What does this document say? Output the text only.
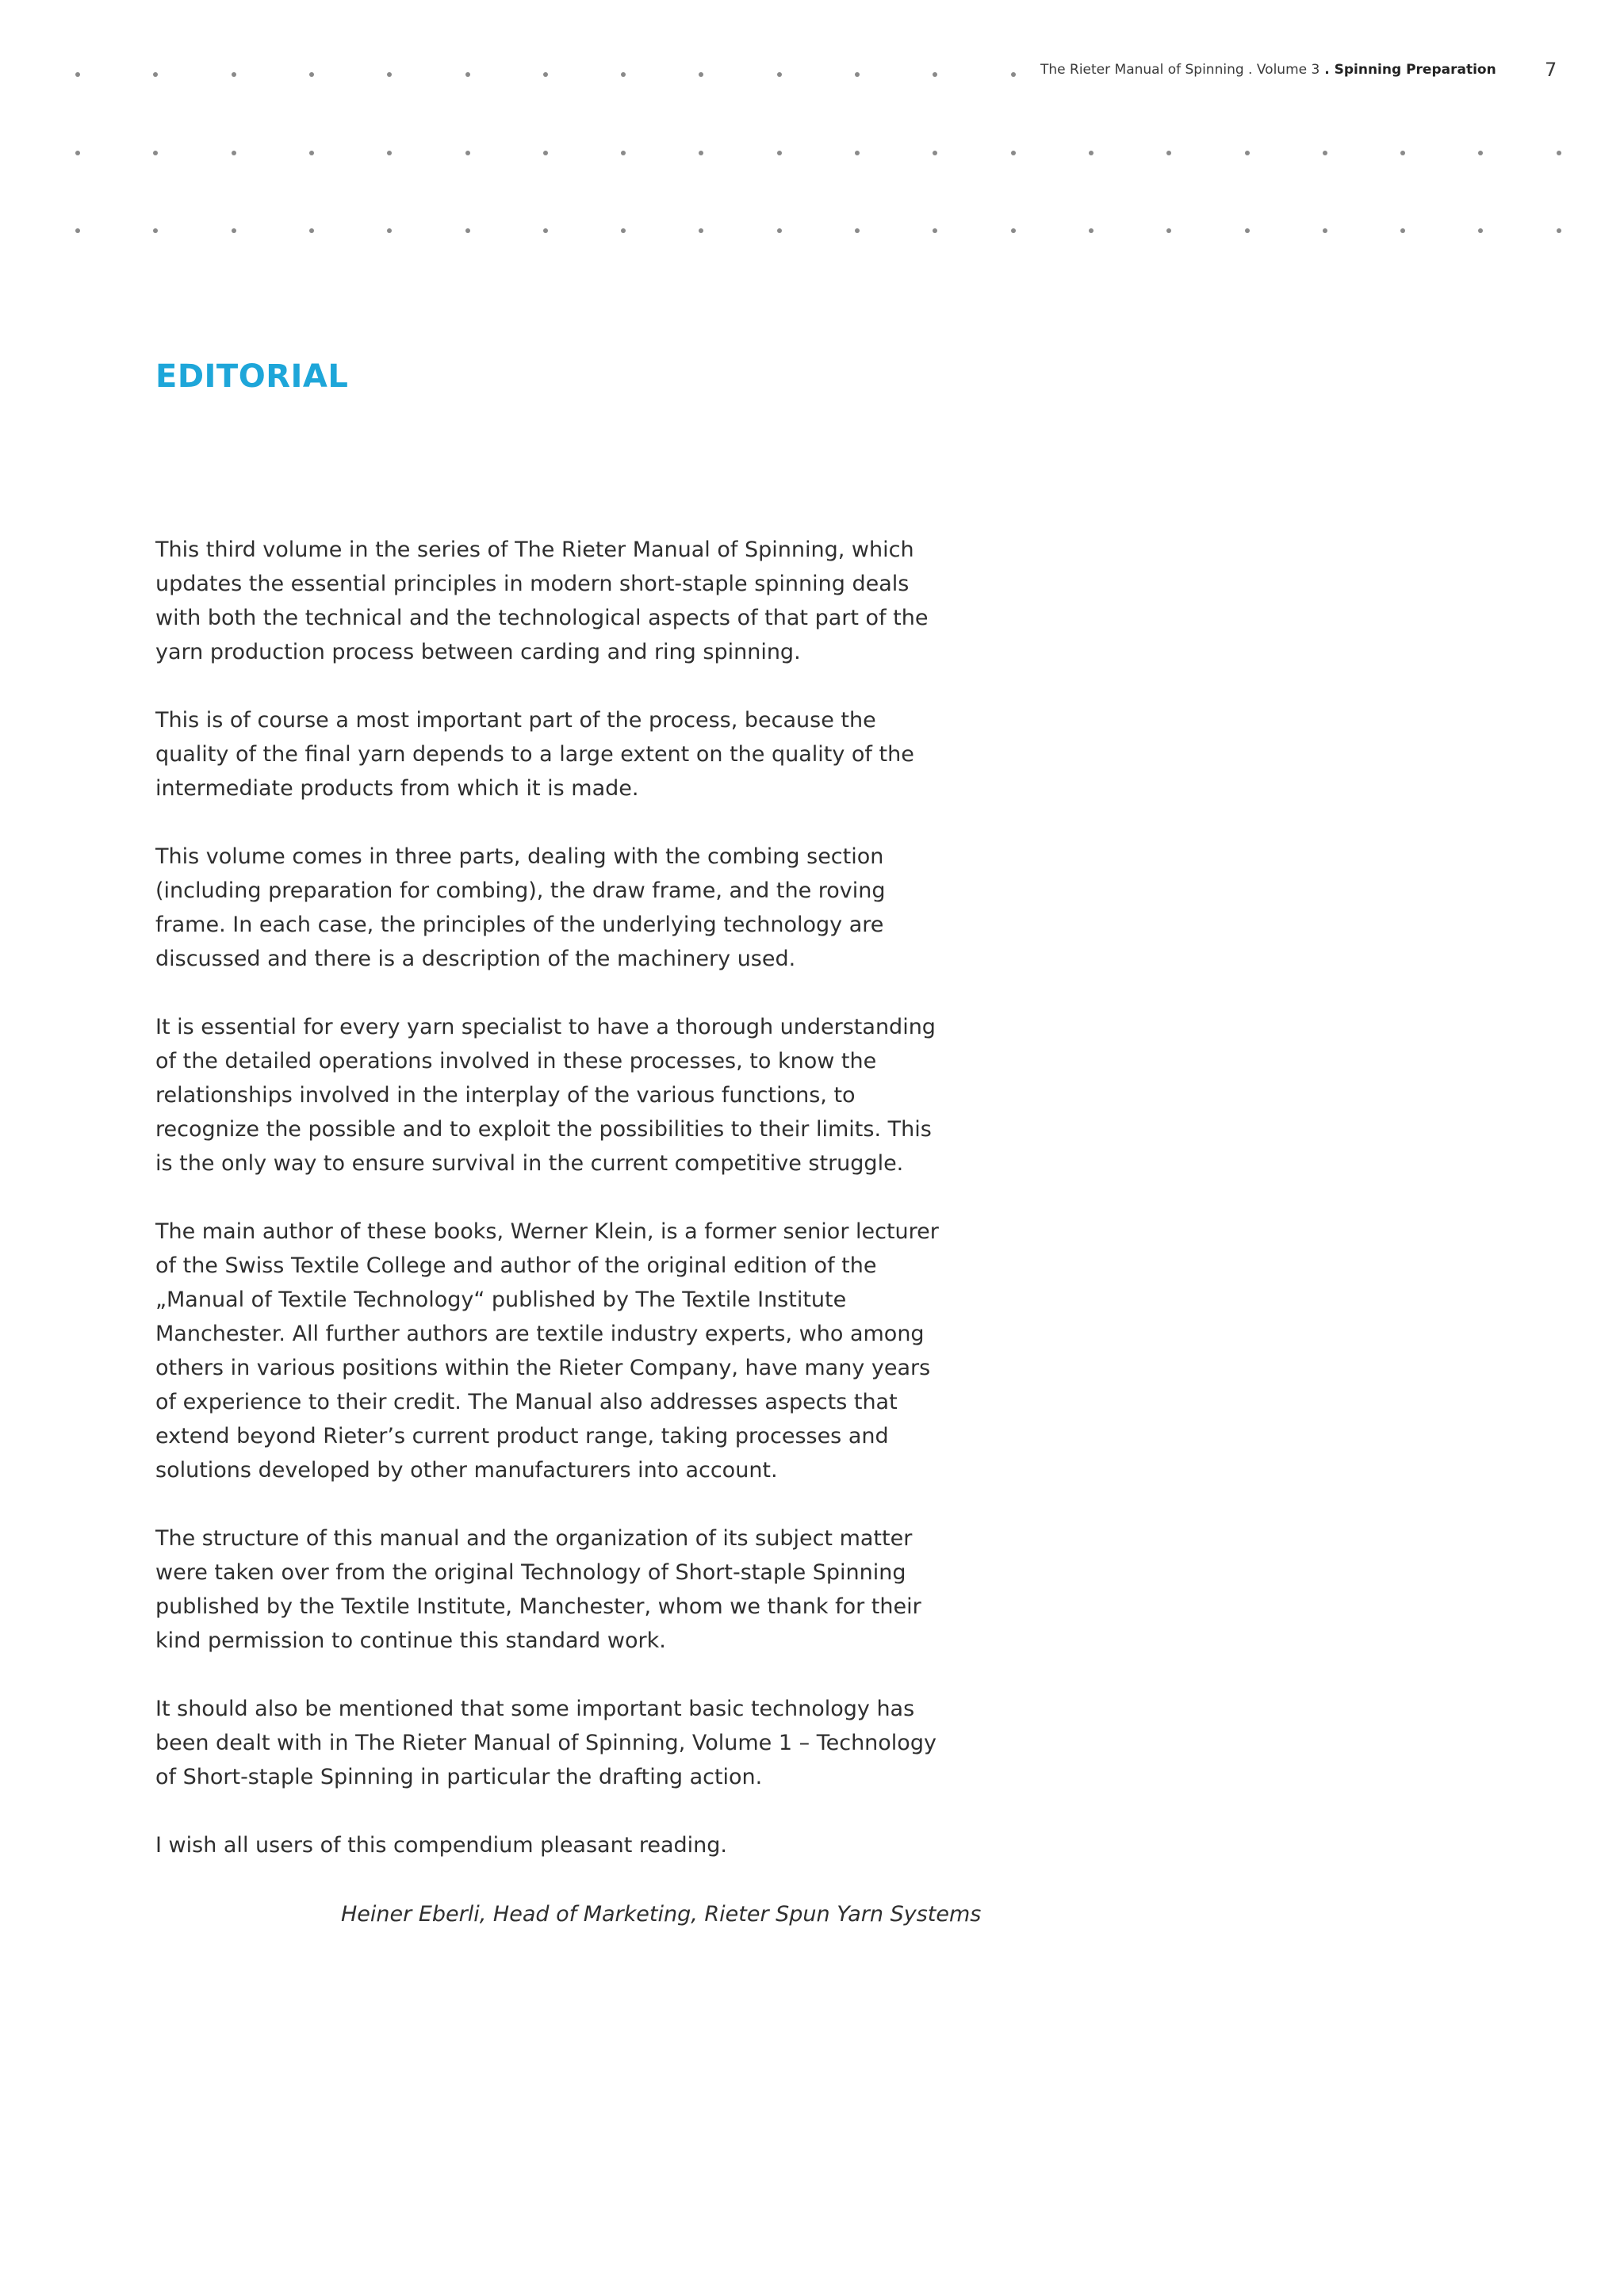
The Rieter Manual of Spinning . Volume 3 . Spinning Preparation	7
EDITORIAL

This third volume in the series of The Rieter Manual of Spinning, which updates the essential principles in modern short-staple spinning deals with both the technical and the technological aspects of that part of the yarn production process between carding and ring spinning.

This is of course a most important part of the process, because the quality of the final yarn depends to a large extent on the quality of the intermediate products from which it is made.

This volume comes in three parts, dealing with the combing section (including preparation for combing), the draw frame, and the roving frame. In each case, the principles of the underlying technology are discussed and there is a description of the machinery used.

It is essential for every yarn specialist to have a thorough understanding of the detailed operations involved in these processes, to know the relationships involved in the interplay of the various functions, to recognize the possible and to exploit the possibilities to their limits. This is the only way to ensure survival in the current competitive struggle.

The main author of these books, Werner Klein, is a former senior lecturer of the Swiss Textile College and author of the original edition of the „Manual of Textile Technology“ published by The Textile Institute Manchester. All further authors are textile industry experts, who among others in various positions within the Rieter Company, have many years of experience to their credit. The Manual also addresses aspects that extend beyond Rieter’s current product range, taking processes and solutions developed by other manufacturers into account.

The structure of this manual and the organization of its subject matter were taken over from the original Technology of Short-staple Spinning published by the Textile Institute, Manchester, whom we thank for their kind permission to continue this standard work.

It should also be mentioned that some important basic technology has been dealt with in The Rieter Manual of Spinning, Volume 1 – Technology of Short-staple Spinning in particular the drafting action.

I wish all users of this compendium pleasant reading.

Heiner Eberli, Head of Marketing, Rieter Spun Yarn Systems
